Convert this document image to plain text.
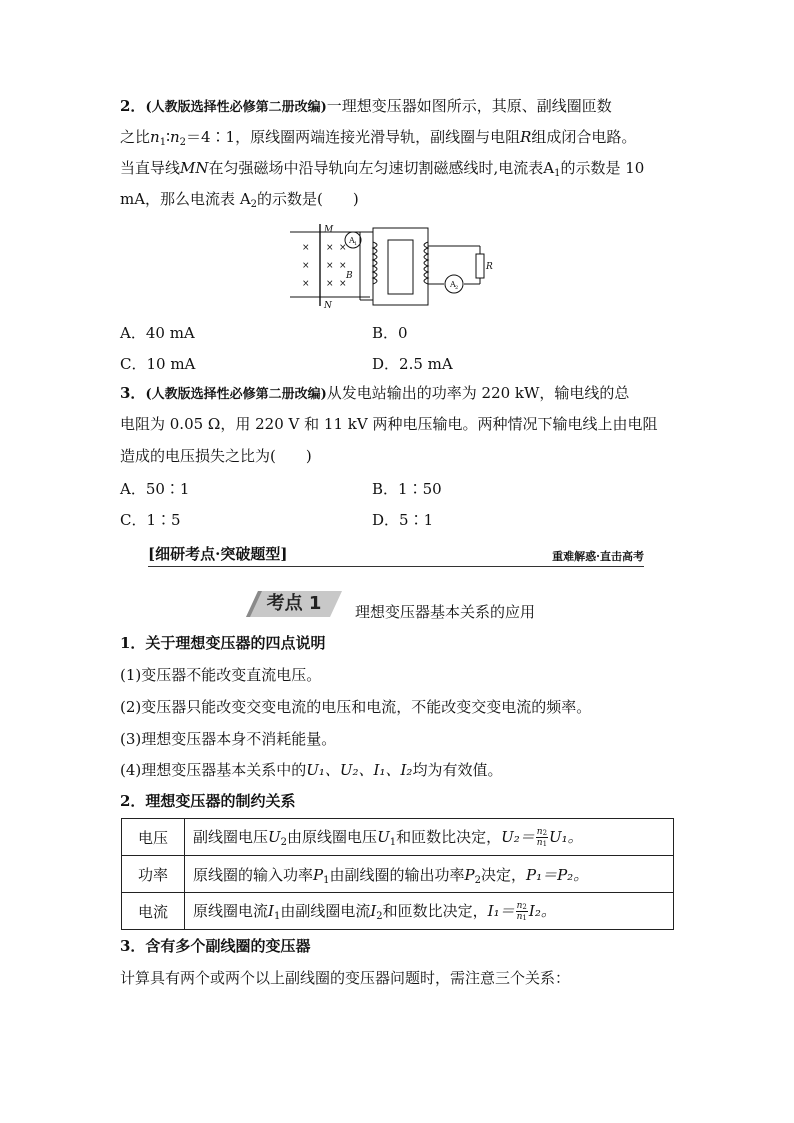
2．(人教版选择性必修第二册改编)一理想变压器如图所示，其原、副线圈匝数
之比$n_1∶n_2=4∶1$，原线圈两端连接光滑导轨，副线圈与电阻R组成闭合电路。
当直导线MN在匀强磁场中沿导轨向左匀速切割磁感线时,电流表$A_1$的示数是 10
mA，那么电流表 $A_2$的示数是(　　)
M
N
B
R
A 1
A 2
× × ×
× × ×
× × ×
A．40 mA	B．0
C．10 mA	D．2.5 mA
3．(人教版选择性必修第二册改编)从发电站输出的功率为 220 kW，输电线的总
电阻为 0.05 Ω，用 220 V 和 11 kV 两种电压输电。两种情况下输电线上由电阻
造成的电压损失之比为(　　)
A．50∶1	B．1∶50
C．1∶5	D．5∶1
[细研考点·突破题型]	重难解惑·直击高考
考点 1	理想变压器基本关系的应用
1．关于理想变压器的四点说明
(1)变压器不能改变直流电压。
(2)变压器只能改变交变电流的电压和电流，不能改变交变电流的频率。
(3)理想变压器本身不消耗能量。
(4)理想变压器基本关系中的U₁、U₂、I₁、I₂均为有效值。
2．理想变压器的制约关系
电压	副线圈电压$U_2$由原线圈电压$U_1$和匝数比决定，$U_2= \frac{n_2}{n_1} U_1$。
功率	原线圈的输入功率$P_1$由副线圈的输出功率$P_2$决定，P₁＝P₂。
电流	原线圈电流$I_1$由副线圈电流$I_2$和匝数比决定，$I_1= \frac{n_2}{n_1} I_2$。
3．含有多个副线圈的变压器
计算具有两个或两个以上副线圈的变压器问题时，需注意三个关系：
